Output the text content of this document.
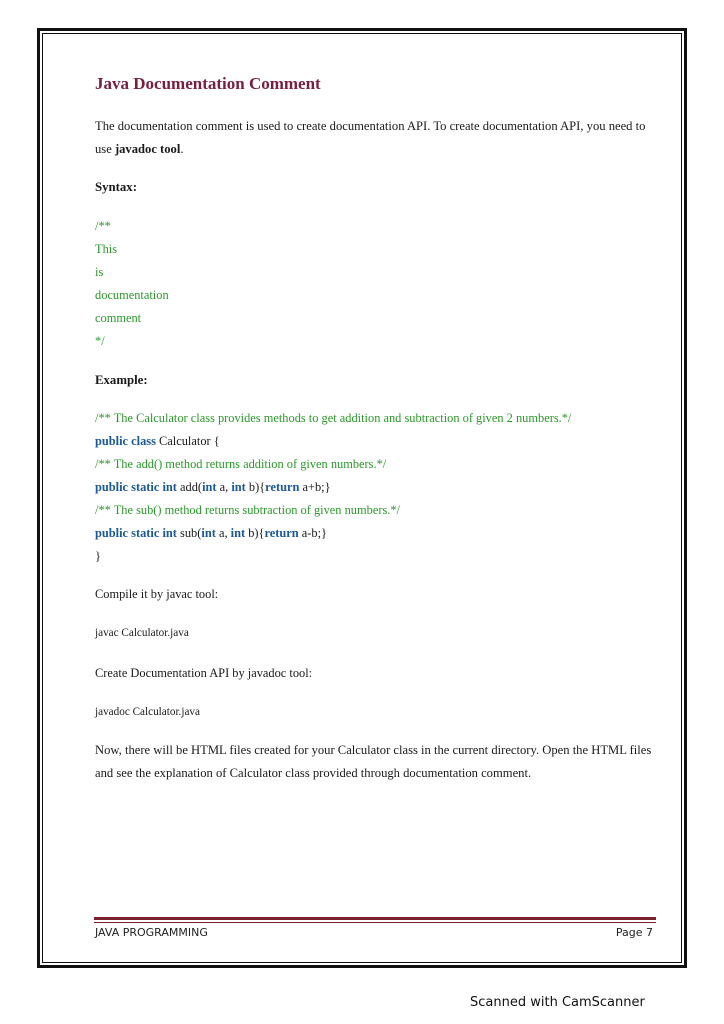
Java Documentation Comment
The documentation comment is used to create documentation API. To create documentation API, you need to use javadoc tool.
Syntax:
/**
This
is
documentation
comment
*/
Example:
/** The Calculator class provides methods to get addition and subtraction of given 2 numbers.*/
public class Calculator {
/** The add() method returns addition of given numbers.*/
public static int add(int a, int b){return a+b;}
/** The sub() method returns subtraction of given numbers.*/
public static int sub(int a, int b){return a-b;}
}
Compile it by javac tool:
javac Calculator.java
Create Documentation API by javadoc tool:
javadoc Calculator.java
Now, there will be HTML files created for your Calculator class in the current directory. Open the HTML files and see the explanation of Calculator class provided through documentation comment.
JAVA PROGRAMMING	Page 7
Scanned with CamScanner
